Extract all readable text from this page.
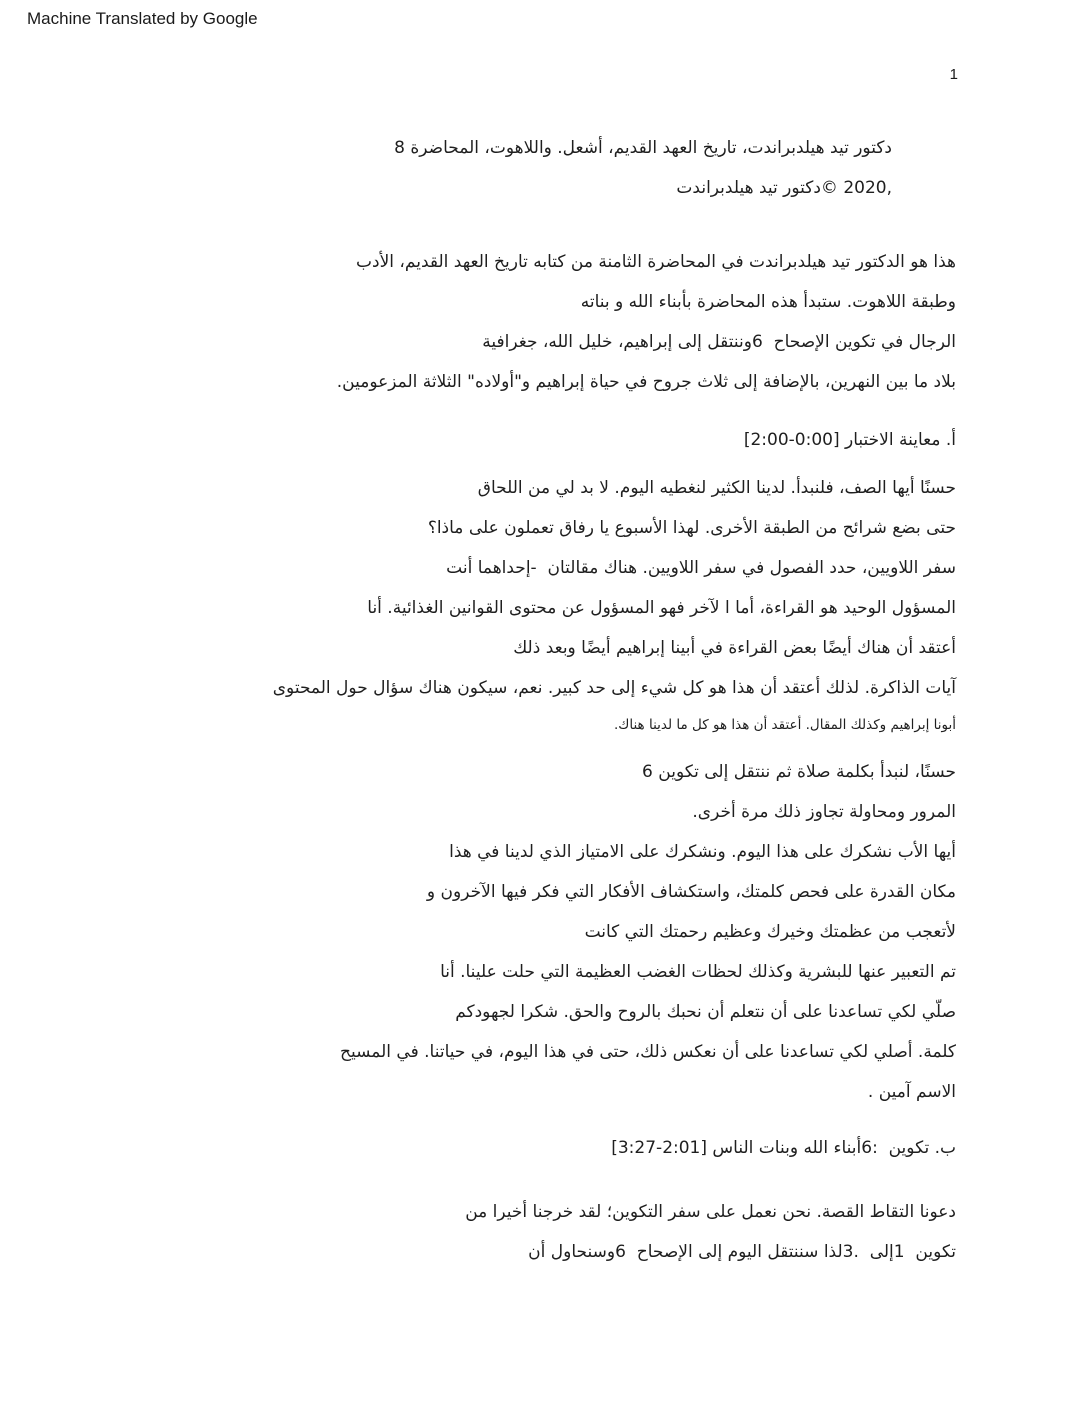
Machine Translated by Google
1
دكتور تيد هيلدبراندت، تاريخ العهد القديم، أشعل. واللاهوت، المحاضرة 8
,2020 ©دكتور تيد هيلدبراندت
هذا هو الدكتور تيد هيلدبراندت في المحاضرة الثامنة من كتابه تاريخ العهد القديم، الأدب
وطبقة اللاهوت. ستبدأ هذه المحاضرة بأبناء الله و بناته
الرجال في تكوين الإصحاح  6وننتقل إلى إبراهيم، خليل الله، جغرافية
بلاد ما بين النهرين، بالإضافة إلى ثلاث جروح في حياة إبراهيم و"أولاده" الثلاثة المزعومين.
أ. معاينة الاختبار [0:00-2:00]
حسنًا أيها الصف، فلنبدأ. لدينا الكثير لنغطيه اليوم. لا بد لي من اللحاق
حتى بضع شرائح من الطبقة الأخرى. لهذا الأسبوع يا رفاق تعملون على ماذا؟
سفر اللاويين، حدد الفصول في سفر اللاويين. هناك مقالتان  -إحداهما أنت
المسؤول الوحيد هو القراءة، أما ا لآخر فهو المسؤول عن محتوى القوانين الغذائية. أنا
أعتقد أن هناك أيضًا بعض القراءة في أبينا إبراهيم أيضًا وبعد ذلك
آيات الذاكرة. لذلك أعتقد أن هذا هو كل شيء إلى حد كبير. نعم، سيكون هناك سؤال حول المحتوى
أبونا إبراهيم وكذلك المقال. أعتقد أن هذا هو كل ما لدينا هناك.
حسنًا، لنبدأ بكلمة صلاة ثم ننتقل إلى تكوين 6
المرور ومحاولة تجاوز ذلك مرة أخرى.
أيها الأب نشكرك على هذا اليوم. ونشكرك على الامتياز الذي لدينا في هذا
مكان القدرة على فحص كلمتك، واستكشاف الأفكار التي فكر فيها الآخرون و
لأتعجب من عظمتك وخيرك وعظيم رحمتك التي كانت
تم التعبير عنها للبشرية وكذلك لحظات الغضب العظيمة التي حلت علينا. أنا
صلّي لكي تساعدنا على أن نتعلم أن نحبك بالروح والحق. شكرا لجهودكم
كلمة. أصلي لكي تساعدنا على أن نعكس ذلك، حتى في هذا اليوم، في حياتنا. في المسيح
الاسم آمين .
ب. تكوين  :6أبناء الله وبنات الناس [2:01-3:27]
دعونا التقاط القصة. نحن نعمل على سفر التكوين؛ لقد خرجنا أخيرا من
تكوين  1إلى  .3لذا سننتقل اليوم إلى الإصحاح  6وسنحاول أن
